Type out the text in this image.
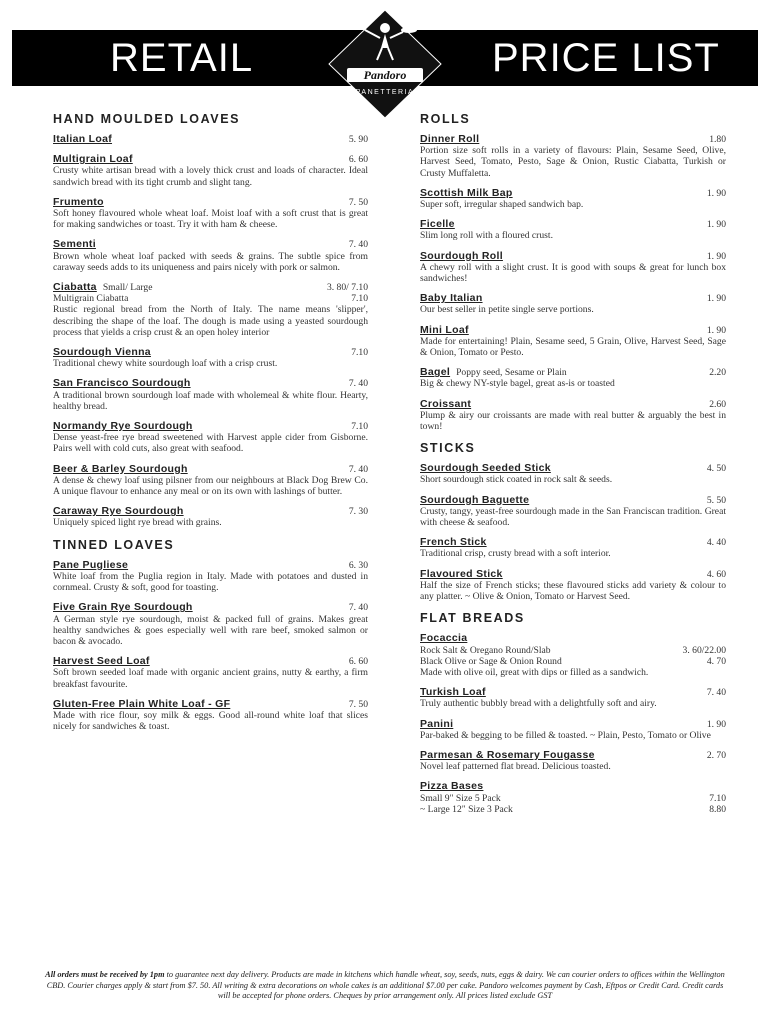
RETAIL	PRICE LIST
Pandoro
PANETTERIA
HAND MOULDED LOAVES
Italian Loaf	5. 90
Multigrain Loaf	6. 60
Crusty white artisan bread with a lovely thick crust and loads of character. Ideal sandwich bread with its tight crumb and slight tang.
Frumento	7. 50
Soft honey flavoured whole wheat loaf. Moist loaf with a soft crust that is great for making sandwiches or toast. Try it with ham & cheese.
Sementi	7. 40
Brown whole wheat loaf packed with seeds & grains. The subtle spice from caraway seeds adds to its uniqueness and pairs nicely with pork or salmon.
Ciabatta Small/ Large	3. 80/ 7.10
Multigrain Ciabatta	7.10
Rustic regional bread from the North of Italy. The name means 'slipper', describing the shape of the loaf. The dough is made using a yeasted sourdough process that yields a crisp crust & an open holey interior
Sourdough Vienna	7.10
Traditional chewy white sourdough loaf with a crisp crust.
San Francisco Sourdough	7. 40
A traditional brown sourdough loaf made with wholemeal & white flour. Hearty, healthy bread.
Normandy Rye Sourdough	7.10
Dense yeast-free rye bread sweetened with Harvest apple cider from Gisborne. Pairs well with cold cuts, also great with seafood.
Beer & Barley Sourdough	7. 40
A dense & chewy loaf using pilsner from our neighbours at Black Dog Brew Co. A unique flavour to enhance any meal or on its own with lashings of butter.
Caraway Rye Sourdough	7. 30
Uniquely spiced light rye bread with grains.
TINNED LOAVES
Pane Pugliese	6. 30
White loaf from the Puglia region in Italy. Made with potatoes and dusted in cornmeal. Crusty & soft, good for toasting.
Five Grain Rye Sourdough	7. 40
A German style rye sourdough, moist & packed full of grains. Makes great healthy sandwiches & goes especially well with rare beef, smoked salmon or bacon & avocado.
Harvest Seed Loaf	6. 60
Soft brown seeded loaf made with organic ancient grains, nutty & earthy, a firm breakfast favourite.
Gluten-Free Plain White Loaf - GF	7. 50
Made with rice flour, soy milk & eggs. Good all-round white loaf that slices nicely for sandwiches & toast.
ROLLS
Dinner Roll	1.80
Portion size soft rolls in a variety of flavours: Plain, Sesame Seed, Olive, Harvest Seed, Tomato, Pesto, Sage & Onion, Rustic Ciabatta, Turkish or Crusty Muffaletta.
Scottish Milk Bap	1. 90
Super soft, irregular shaped sandwich bap.
Ficelle	1. 90
Slim long roll with a floured crust.
Sourdough Roll	1. 90
A chewy roll with a slight crust. It is good with soups & great for lunch box sandwiches!
Baby Italian	1. 90
Our best seller in petite single serve portions.
Mini Loaf	1. 90
Made for entertaining! Plain, Sesame seed, 5 Grain, Olive, Harvest Seed, Sage & Onion, Tomato or Pesto.
Bagel Poppy seed, Sesame or Plain	2.20
Big & chewy NY-style bagel, great as-is or toasted
Croissant	2.60
Plump & airy our croissants are made with real butter & arguably the best in town!
STICKS
Sourdough Seeded Stick	4. 50
Short sourdough stick coated in rock salt & seeds.
Sourdough Baguette	5. 50
Crusty, tangy, yeast-free sourdough made in the San Franciscan tradition. Great with cheese & seafood.
French Stick	4. 40
Traditional crisp, crusty bread with a soft interior.
Flavoured Stick	4. 60
Half the size of French sticks; these flavoured sticks add variety & colour to any platter. ~ Olive & Onion, Tomato or Harvest Seed.
FLAT BREADS
Focaccia
Rock Salt & Oregano Round/Slab	3. 60/22.00
Black Olive or Sage & Onion Round	4. 70
Made with olive oil, great with dips or filled as a sandwich.
Turkish Loaf	7. 40
Truly authentic bubbly bread with a delightfully soft and airy.
Panini	1. 90
Par-baked & begging to be filled & toasted. ~ Plain, Pesto, Tomato or Olive
Parmesan & Rosemary Fougasse	2. 70
Novel leaf patterned flat bread. Delicious toasted.
Pizza Bases
Small 9" Size 5 Pack	7.10
~ Large 12" Size 3 Pack	8.80
All orders must be received by 1pm to guarantee next day delivery. Products are made in kitchens which handle wheat, soy, seeds, nuts, eggs & dairy. We can courier orders to offices within the Wellington CBD. Courier charges apply & start from $7. 50. All writing & extra decorations on whole cakes is an additional $7.00 per cake. Pandoro welcomes payment by Cash, Eftpos or Credit Card. Credit cards will be accepted for phone orders. Cheques by prior arrangement only. All prices listed exclude GST
